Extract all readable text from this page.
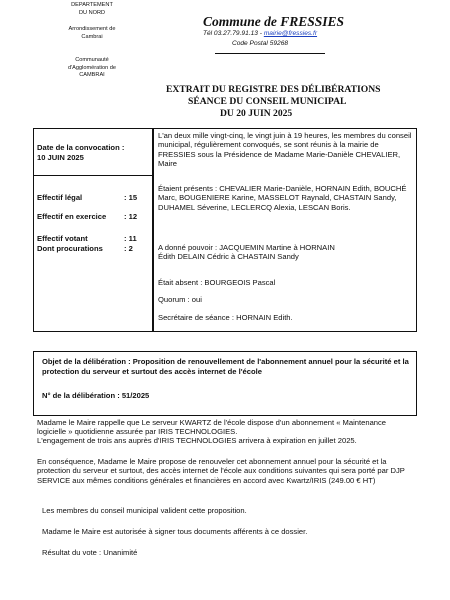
DEPARTEMENT
DU NORD
Arrondissement de
Cambrai
Communauté
d'Agglomération de
CAMBRAI
Commune de FRESSIES
Tél 03.27.79.91.13 - mairie@fressies.fr
Code Postal 59268
EXTRAIT DU REGISTRE DES DÉLIBÉRATIONS
SÉANCE DU CONSEIL MUNICIPAL
DU 20 JUIN 2025
Date de la convocation :
10 JUIN 2025
Effectif légal	: 15
Effectif en exercice : 12
Effectif votant	: 11
Dont procurations	: 2
L'an deux mille vingt-cinq, le vingt juin à 19 heures, les membres du conseil municipal, régulièrement convoqués, se sont réunis à la mairie de FRESSIES sous la Présidence de Madame Marie-Danièle CHEVALIER, Maire
Étaient présents : CHEVALIER Marie-Danièle, HORNAIN Edith, BOUCHÉ Marc, BOUGENIERE Karine, MASSELOT Raynald, CHASTAIN Sandy, DUHAMEL Séverine, LECLERCQ Alexia, LESCAN Boris.
A donné pouvoir : JACQUEMIN Martine à HORNAIN Édith DELAIN Cédric à CHASTAIN Sandy
Était absent : BOURGEOIS Pascal
Quorum : oui
Secrétaire de séance : HORNAIN Edith.
Objet de la délibération : Proposition de renouvellement de l'abonnement annuel pour la sécurité et la protection du serveur et surtout des accès internet de l'école
N° de la délibération : 51/2025
Madame le Maire rappelle que Le serveur KWARTZ de l'école dispose d'un abonnement « Maintenance logicielle » quotidienne assurée par IRIS TECHNOLOGIES.
L'engagement de trois ans auprès d'IRIS TECHNOLOGIES arrivera à expiration en juillet 2025.
En conséquence, Madame le Maire propose de renouveler cet abonnement annuel pour la sécurité et la protection du serveur et surtout, des accès internet de l'école aux conditions suivantes qui sera porté par DJP SERVICE aux mêmes conditions générales et financières en accord avec Kwartz/IRIS (249.00 € HT)
Les membres du conseil municipal valident cette proposition.
Madame le Maire est autorisée à signer tous documents afférents à ce dossier.
Résultat du vote : Unanimité
